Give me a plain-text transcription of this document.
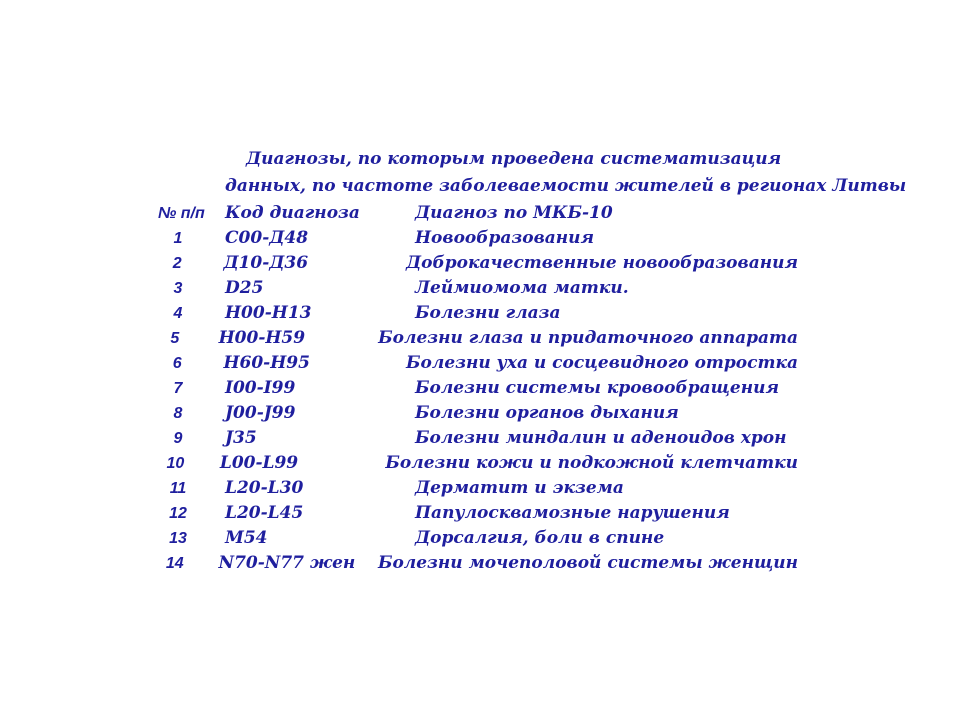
Диагнозы, по которым проведена систематизация
данных, по частоте заболеваемости жителей в регионах Литвы
№ п/п	Код диагноза	Диагноз по МКБ-10
1	С00-Д48	Новообразования
2	Д10-Д36	Доброкачественные новообразования
3	D25	Леймиомома матки.
4	Н00-Н13	Болезни глаза
5	Н00-Н59	Болезни глаза и придаточного аппарата
6	Н60-Н95	Болезни уха и сосцевидного отростка
7	I00-I99	Болезни системы кровообращения
8	J00-J99	Болезни органов дыхания
9	J35	Болезни миндалин и аденоидов хрон
10	L00-L99	Болезни кожи и подкожной клетчатки
11	L20-L30	Дерматит и экзема
12	L20-L45	Папулосквамозные нарушения
13	M54	Дорсалгия, боли в спине
14	N70-N77 жен	Болезни мочеполовой системы женщин
